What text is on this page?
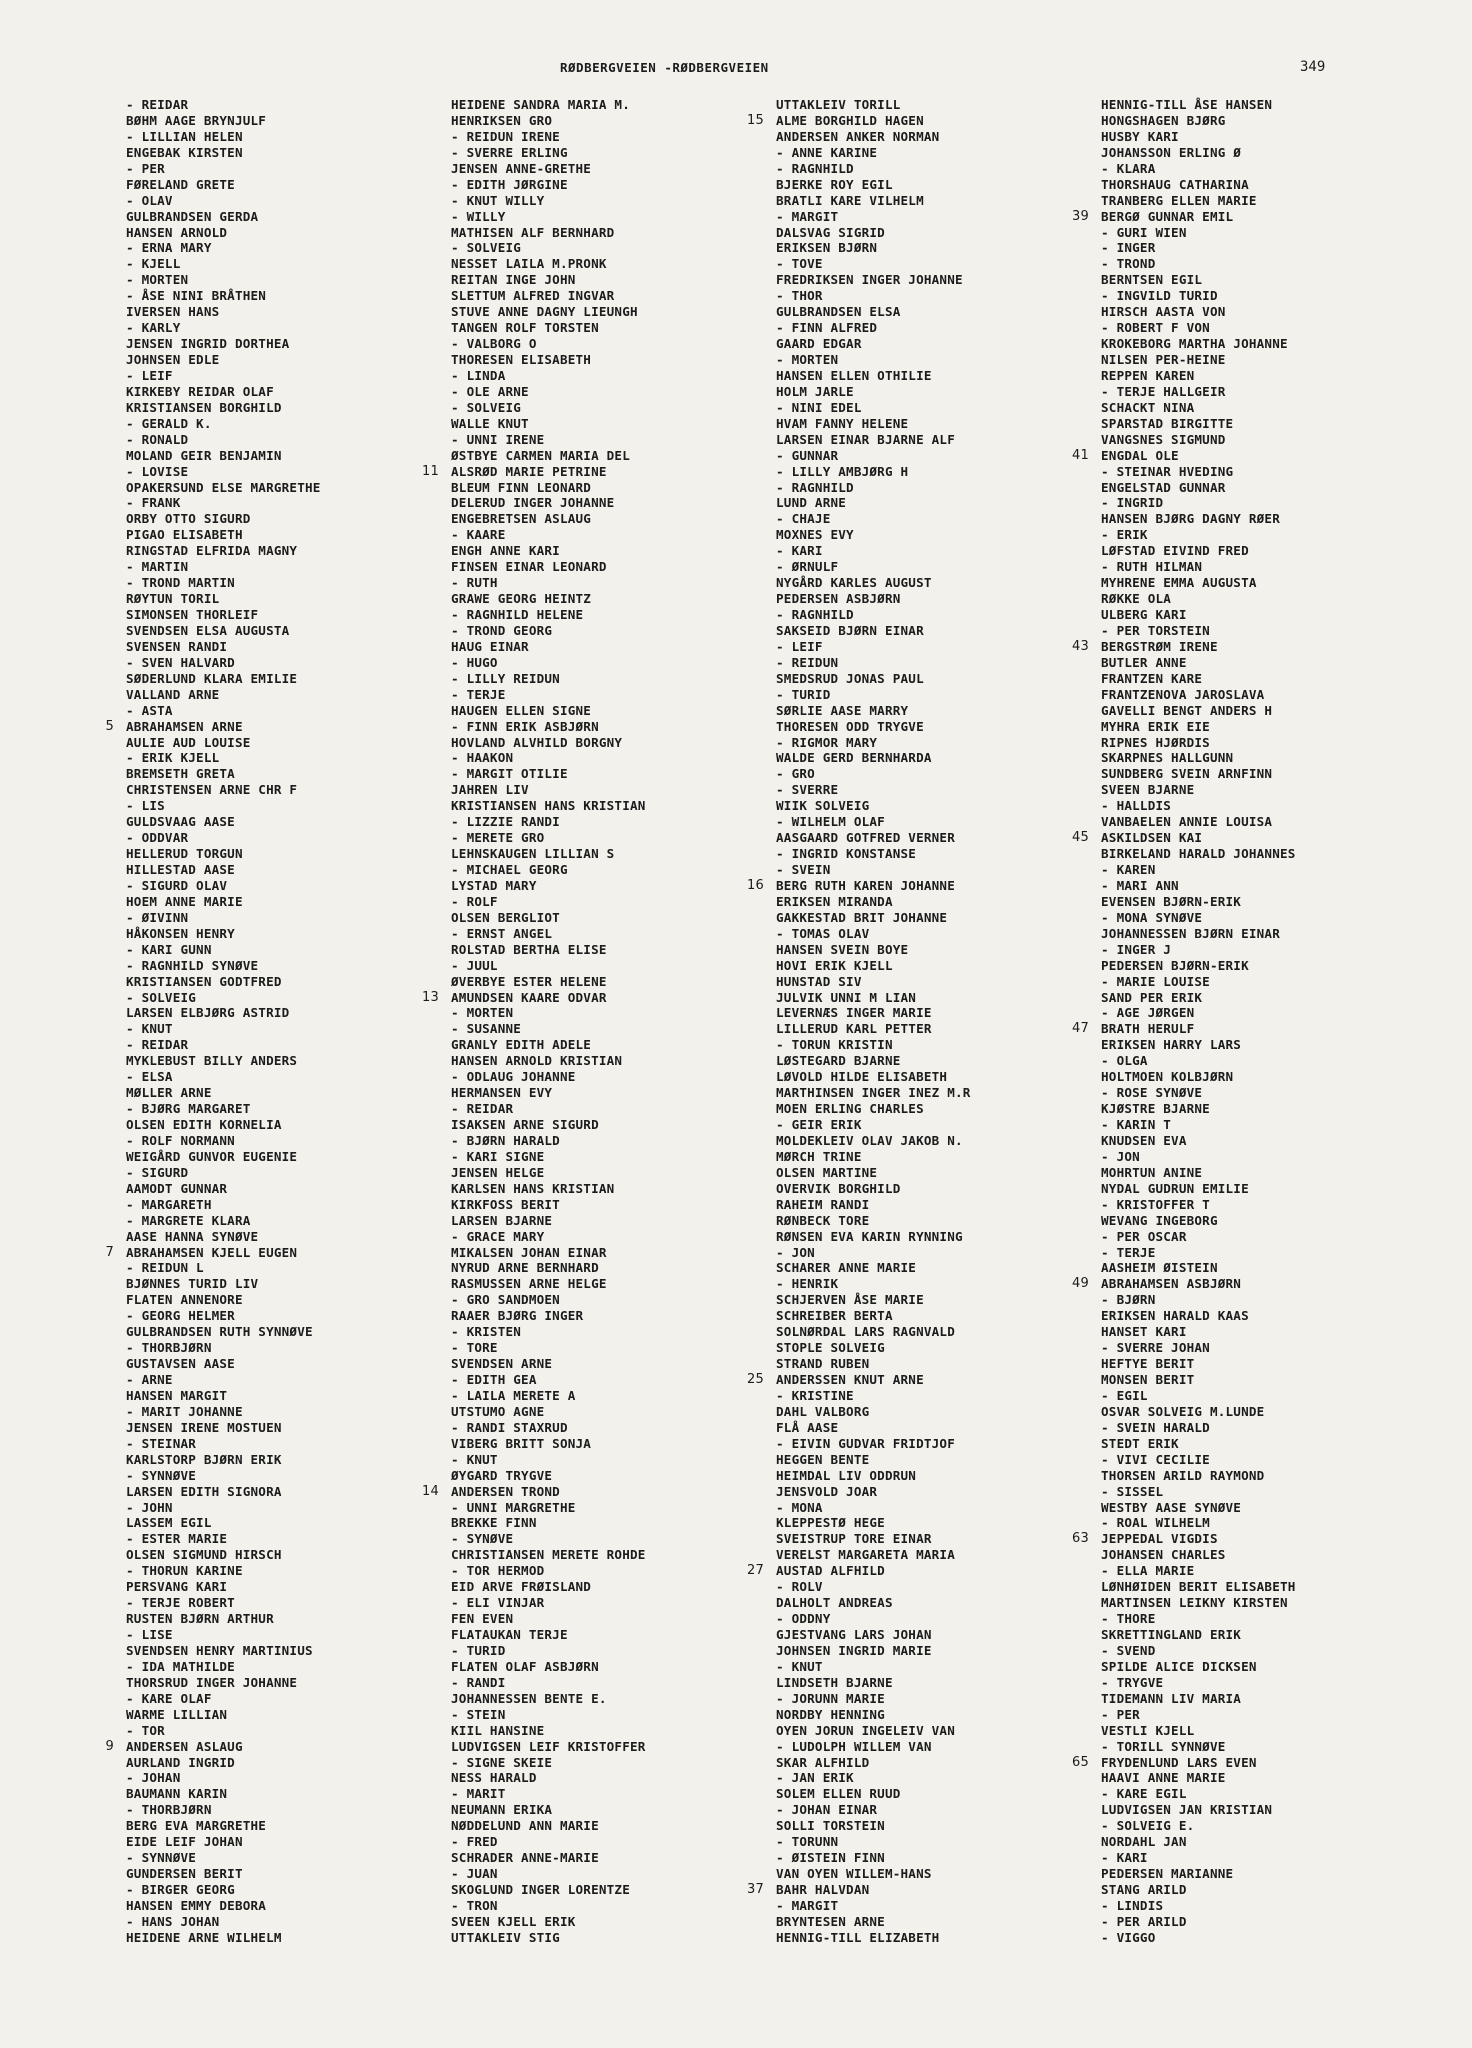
RØDBERGVEIEN -RØDBERGVEIEN	349
- REIDAR
BØHM AAGE BRYNJULF
- LILLIAN HELEN
ENGEBAK KIRSTEN
- PER
FØRELAND GRETE
- OLAV
GULBRANDSEN GERDA
HANSEN ARNOLD
- ERNA MARY
- KJELL
- MORTEN
- ÅSE NINI BRÅTHEN
IVERSEN HANS
- KARLY
JENSEN INGRID DORTHEA
JOHNSEN EDLE
- LEIF
KIRKEBY REIDAR OLAF
KRISTIANSEN BORGHILD
- GERALD K.
- RONALD
MOLAND GEIR BENJAMIN
- LOVISE
OPAKERSUND ELSE MARGRETHE
- FRANK
ORBY OTTO SIGURD
PIGAO ELISABETH
RINGSTAD ELFRIDA MAGNY
- MARTIN
- TROND MARTIN
RØYTUN TORIL
SIMONSEN THORLEIF
SVENDSEN ELSA AUGUSTA
SVENSEN RANDI
- SVEN HALVARD
SØDERLUND KLARA EMILIE
VALLAND ARNE
- ASTA
5 ABRAHAMSEN ARNE
AULIE AUD LOUISE
- ERIK KJELL
BREMSETH GRETA
CHRISTENSEN ARNE CHR F
- LIS
GULDSVAAG AASE
- ODDVAR
HELLERUD TORGUN
HILLESTAD AASE
- SIGURD OLAV
HOEM ANNE MARIE
- ØIVINN
HÅKONSEN HENRY
- KARI GUNN
- RAGNHILD SYNØVE
KRISTIANSEN GODTFRED
- SOLVEIG
LARSEN ELBJØRG ASTRID
- KNUT
- REIDAR
MYKLEBUST BILLY ANDERS
- ELSA
MØLLER ARNE
- BJØRG MARGARET
OLSEN EDITH KORNELIA
- ROLF NORMANN
WEIGÅRD GUNVOR EUGENIE
- SIGURD
AAMODT GUNNAR
- MARGARETH
- MARGRETE KLARA
AASE HANNA SYNØVE
7 ABRAHAMSEN KJELL EUGEN
- REIDUN L
BJØNNES TURID LIV
FLATEN ANNENORE
- GEORG HELMER
GULBRANDSEN RUTH SYNNØVE
- THORBJØRN
GUSTAVSEN AASE
- ARNE
HANSEN MARGIT
- MARIT JOHANNE
JENSEN IRENE MOSTUEN
- STEINAR
KARLSTORP BJØRN ERIK
- SYNNØVE
LARSEN EDITH SIGNORA
- JOHN
LASSEM EGIL
- ESTER MARIE
OLSEN SIGMUND HIRSCH
- THORUN KARINE
PERSVANG KARI
- TERJE ROBERT
RUSTEN BJØRN ARTHUR
- LISE
SVENDSEN HENRY MARTINIUS
- IDA MATHILDE
THORSRUD INGER JOHANNE
- KARE OLAF
WARME LILLIAN
- TOR
9 ANDERSEN ASLAUG
AURLAND INGRID
- JOHAN
BAUMANN KARIN
- THORBJØRN
BERG EVA MARGRETHE
EIDE LEIF JOHAN
- SYNNØVE
GUNDERSEN BERIT
- BIRGER GEORG
HANSEN EMMY DEBORA
- HANS JOHAN
HEIDENE ARNE WILHELM
HEIDENE SANDRA MARIA M.
HENRIKSEN GRO
- REIDUN IRENE
- SVERRE ERLING
JENSEN ANNE-GRETHE
- EDITH JØRGINE
- KNUT WILLY
- WILLY
MATHISEN ALF BERNHARD
- SOLVEIG
NESSET LAILA M.PRONK
REITAN INGE JOHN
SLETTUM ALFRED INGVAR
STUVE ANNE DAGNY LIEUNGH
TANGEN ROLF TORSTEN
- VALBORG O
THORESEN ELISABETH
- LINDA
- OLE ARNE
- SOLVEIG
WALLE KNUT
- UNNI IRENE
ØSTBYE CARMEN MARIA DEL
11 ALSRØD MARIE PETRINE
BLEUM FINN LEONARD
DELERUD INGER JOHANNE
ENGEBRETSEN ASLAUG
- KAARE
ENGH ANNE KARI
FINSEN EINAR LEONARD
- RUTH
GRAWE GEORG HEINTZ
- RAGNHILD HELENE
- TROND GEORG
HAUG EINAR
- HUGO
- LILLY REIDUN
- TERJE
HAUGEN ELLEN SIGNE
- FINN ERIK ASBJØRN
HOVLAND ALVHILD BORGNY
- HAAKON
- MARGIT OTILIE
JAHREN LIV
KRISTIANSEN HANS KRISTIAN
- LIZZIE RANDI
- MERETE GRO
LEHNSKAUGEN LILLIAN S
- MICHAEL GEORG
LYSTAD MARY
- ROLF
OLSEN BERGLIOT
- ERNST ANGEL
ROLSTAD BERTHA ELISE
- JUUL
ØVERBYE ESTER HELENE
13 AMUNDSEN KAARE ODVAR
- MORTEN
- SUSANNE
GRANLY EDITH ADELE
HANSEN ARNOLD KRISTIAN
- ODLAUG JOHANNE
HERMANSEN EVY
- REIDAR
ISAKSEN ARNE SIGURD
- BJØRN HARALD
- KARI SIGNE
JENSEN HELGE
KARLSEN HANS KRISTIAN
KIRKFOSS BERIT
LARSEN BJARNE
- GRACE MARY
MIKALSEN JOHAN EINAR
NYRUD ARNE BERNHARD
RASMUSSEN ARNE HELGE
- GRO SANDMOEN
RAAER BJØRG INGER
- KRISTEN
- TORE
SVENDSEN ARNE
- EDITH GEA
- LAILA MERETE A
UTSTUMO AGNE
- RANDI STAXRUD
VIBERG BRITT SONJA
- KNUT
ØYGARD TRYGVE
14 ANDERSEN TROND
- UNNI MARGRETHE
BREKKE FINN
- SYNØVE
CHRISTIANSEN MERETE ROHDE
- TOR HERMOD
EID ARVE FRØISLAND
- ELI VINJAR
FEN EVEN
FLATAUKAN TERJE
- TURID
FLATEN OLAF ASBJØRN
- RANDI
JOHANNESSEN BENTE E.
- STEIN
KIIL HANSINE
LUDVIGSEN LEIF KRISTOFFER
- SIGNE SKEIE
NESS HARALD
- MARIT
NEUMANN ERIKA
NØDDELUND ANN MARIE
- FRED
SCHRADER ANNE-MARIE
- JUAN
SKOGLUND INGER LORENTZE
- TRON
SVEEN KJELL ERIK
UTTAKLEIV STIG
UTTAKLEIV TORILL
15 ALME BORGHILD HAGEN
ANDERSEN ANKER NORMAN
- ANNE KARINE
- RAGNHILD
BJERKE ROY EGIL
BRATLI KARE VILHELM
- MARGIT
DALSVAG SIGRID
ERIKSEN BJØRN
- TOVE
FREDRIKSEN INGER JOHANNE
- THOR
GULBRANDSEN ELSA
- FINN ALFRED
GAARD EDGAR
- MORTEN
HANSEN ELLEN OTHILIE
HOLM JARLE
- NINI EDEL
HVAM FANNY HELENE
LARSEN EINAR BJARNE ALF
- GUNNAR
- LILLY AMBJØRG H
- RAGNHILD
LUND ARNE
- CHAJE
MOXNES EVY
- KARI
- ØRNULF
NYGÅRD KARLES AUGUST
PEDERSEN ASBJØRN
- RAGNHILD
SAKSEID BJØRN EINAR
- LEIF
- REIDUN
SMEDSRUD JONAS PAUL
- TURID
SØRLIE AASE MARRY
THORESEN ODD TRYGVE
- RIGMOR MARY
WALDE GERD BERNHARDA
- GRO
- SVERRE
WIIK SOLVEIG
- WILHELM OLAF
AASGAARD GOTFRED VERNER
- INGRID KONSTANSE
- SVEIN
16 BERG RUTH KAREN JOHANNE
ERIKSEN MIRANDA
GAKKESTAD BRIT JOHANNE
- TOMAS OLAV
HANSEN SVEIN BOYE
HOVI ERIK KJELL
HUNSTAD SIV
JULVIK UNNI M LIAN
LEVERNÆS INGER MARIE
LILLERUD KARL PETTER
- TORUN KRISTIN
LØSTEGARD BJARNE
LØVOLD HILDE ELISABETH
MARTHINSEN INGER INEZ M.R
MOEN ERLING CHARLES
- GEIR ERIK
MOLDEKLEIV OLAV JAKOB N.
MØRCH TRINE
OLSEN MARTINE
OVERVIK BORGHILD
RAHEIM RANDI
RØNBECK TORE
RØNSEN EVA KARIN RYNNING
- JON
SCHARER ANNE MARIE
- HENRIK
SCHJERVEN ÅSE MARIE
SCHREIBER BERTA
SOLNØRDAL LARS RAGNVALD
STOPLE SOLVEIG
STRAND RUBEN
25 ANDERSSEN KNUT ARNE
- KRISTINE
DAHL VALBORG
FLÅ AASE
- EIVIN GUDVAR FRIDTJOF
HEGGEN BENTE
HEIMDAL LIV ODDRUN
JENSVOLD JOAR
- MONA
KLEPPESTØ HEGE
SVEISTRUP TORE EINAR
VERELST MARGARETA MARIA
27 AUSTAD ALFHILD
- ROLV
DALHOLT ANDREAS
- ODDNY
GJESTVANG LARS JOHAN
JOHNSEN INGRID MARIE
- KNUT
LINDSETH BJARNE
- JORUNN MARIE
NORDBY HENNING
OYEN JORUN INGELEIV VAN
- LUDOLPH WILLEM VAN
SKAR ALFHILD
- JAN ERIK
SOLEM ELLEN RUUD
- JOHAN EINAR
SOLLI TORSTEIN
- TORUNN
- ØISTEIN FINN
VAN OYEN WILLEM-HANS
37 BAHR HALVDAN
- MARGIT
BRYNTESEN ARNE
HENNIG-TILL ELIZABETH
HENNIG-TILL ÅSE HANSEN
HONGSHAGEN BJØRG
HUSBY KARI
JOHANSSON ERLING Ø
- KLARA
THORSHAUG CATHARINA
TRANBERG ELLEN MARIE
39 BERGØ GUNNAR EMIL
- GURI WIEN
- INGER
- TROND
BERNTSEN EGIL
- INGVILD TURID
HIRSCH AASTA VON
- ROBERT F VON
KROKEBORG MARTHA JOHANNE
NILSEN PER-HEINE
REPPEN KAREN
- TERJE HALLGEIR
SCHACKT NINA
SPARSTAD BIRGITTE
VANGSNES SIGMUND
41 ENGDAL OLE
- STEINAR HVEDING
ENGELSTAD GUNNAR
- INGRID
HANSEN BJØRG DAGNY RØER
- ERIK
LØFSTAD EIVIND FRED
- RUTH HILMAN
MYHRENE EMMA AUGUSTA
RØKKE OLA
ULBERG KARI
- PER TORSTEIN
43 BERGSTRØM IRENE
BUTLER ANNE
FRANTZEN KARE
FRANTZENOVA JAROSLAVA
GAVELLI BENGT ANDERS H
MYHRA ERIK EIE
RIPNES HJØRDIS
SKARPNES HALLGUNN
SUNDBERG SVEIN ARNFINN
SVEEN BJARNE
- HALLDIS
VANBAELEN ANNIE LOUISA
45 ASKILDSEN KAI
BIRKELAND HARALD JOHANNES
- KAREN
- MARI ANN
EVENSEN BJØRN-ERIK
- MONA SYNØVE
JOHANNESSEN BJØRN EINAR
- INGER J
PEDERSEN BJØRN-ERIK
- MARIE LOUISE
SAND PER ERIK
- AGE JØRGEN
47 BRATH HERULF
ERIKSEN HARRY LARS
- OLGA
HOLTMOEN KOLBJØRN
- ROSE SYNØVE
KJØSTRE BJARNE
- KARIN T
KNUDSEN EVA
- JON
MOHRTUN ANINE
NYDAL GUDRUN EMILIE
- KRISTOFFER T
WEVANG INGEBORG
- PER OSCAR
- TERJE
AASHEIM ØISTEIN
49 ABRAHAMSEN ASBJØRN
- BJØRN
ERIKSEN HARALD KAAS
HANSET KARI
- SVERRE JOHAN
HEFTYE BERIT
MONSEN BERIT
- EGIL
OSVAR SOLVEIG M.LUNDE
- SVEIN HARALD
STEDT ERIK
- VIVI CECILIE
THORSEN ARILD RAYMOND
- SISSEL
WESTBY AASE SYNØVE
- ROAL WILHELM
63 JEPPEDAL VIGDIS
JOHANSEN CHARLES
- ELLA MARIE
LØNHØIDEN BERIT ELISABETH
MARTINSEN LEIKNY KIRSTEN
- THORE
SKRETTINGLAND ERIK
- SVEND
SPILDE ALICE DICKSEN
- TRYGVE
TIDEMANN LIV MARIA
- PER
VESTLI KJELL
- TORILL SYNNØVE
65 FRYDENLUND LARS EVEN
HAAVI ANNE MARIE
- KARE EGIL
LUDVIGSEN JAN KRISTIAN
- SOLVEIG E.
NORDAHL JAN
- KARI
PEDERSEN MARIANNE
STANG ARILD
- LINDIS
- PER ARILD
- VIGGO
